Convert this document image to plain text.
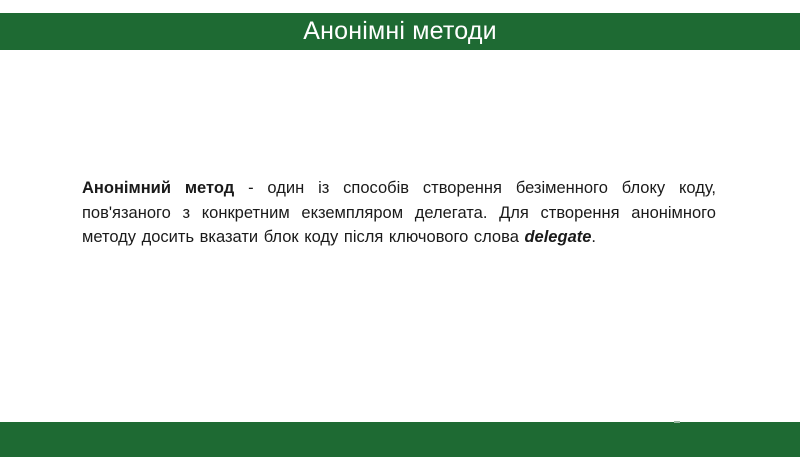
Анонімні методи
Анонімний метод - один із способів створення безіменного блоку коду, пов'язаного з конкретним екземпляром делегата. Для створення анонімного методу досить вказати блок коду після ключового слова delegate.
